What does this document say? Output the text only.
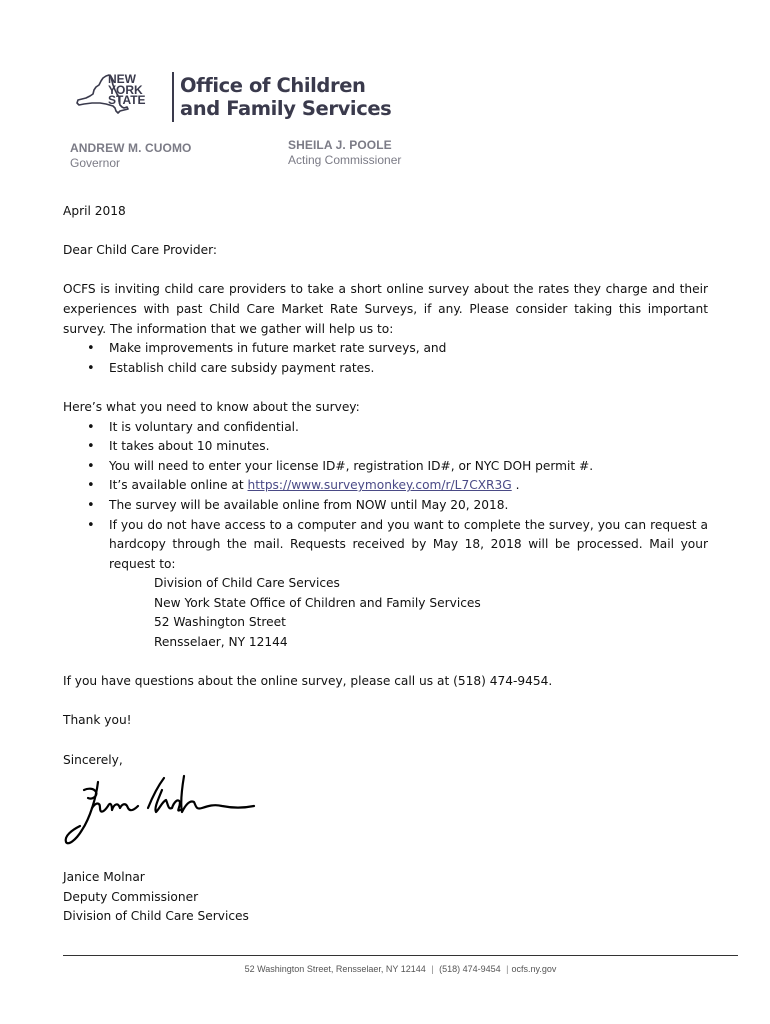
NEW
YORK
STATE
Office of Children
and Family Services
ANDREW M. CUOMO
Governor
SHEILA J. POOLE
Acting Commissioner

April 2018

Dear Child Care Provider:

OCFS is inviting child care providers to take a short online survey about the rates they charge and their experiences with past Child Care Market Rate Surveys, if any. Please consider taking this important survey. The information that we gather will help us to:

• Make improvements in future market rate surveys, and
• Establish child care subsidy payment rates.

Here’s what you need to know about the survey:

• It is voluntary and confidential.
• It takes about 10 minutes.
• You will need to enter your license ID#, registration ID#, or NYC DOH permit #.
• It’s available online at https://www.surveymonkey.com/r/L7CXR3G .
• The survey will be available online from NOW until May 20, 2018.
• If you do not have access to a computer and you want to complete the survey, you can request a hardcopy through the mail. Requests received by May 18, 2018 will be processed. Mail your request to:

Division of Child Care Services

New York State Office of Children and Family Services

52 Washington Street

Rensselaer, NY 12144

If you have questions about the online survey, please call us at (518) 474-9454.

Thank you!

Sincerely,

Janice Molnar

Deputy Commissioner

Division of Child Care Services

52 Washington Street, Rensselaer, NY 12144 | (518) 474-9454 | ocfs.ny.gov
